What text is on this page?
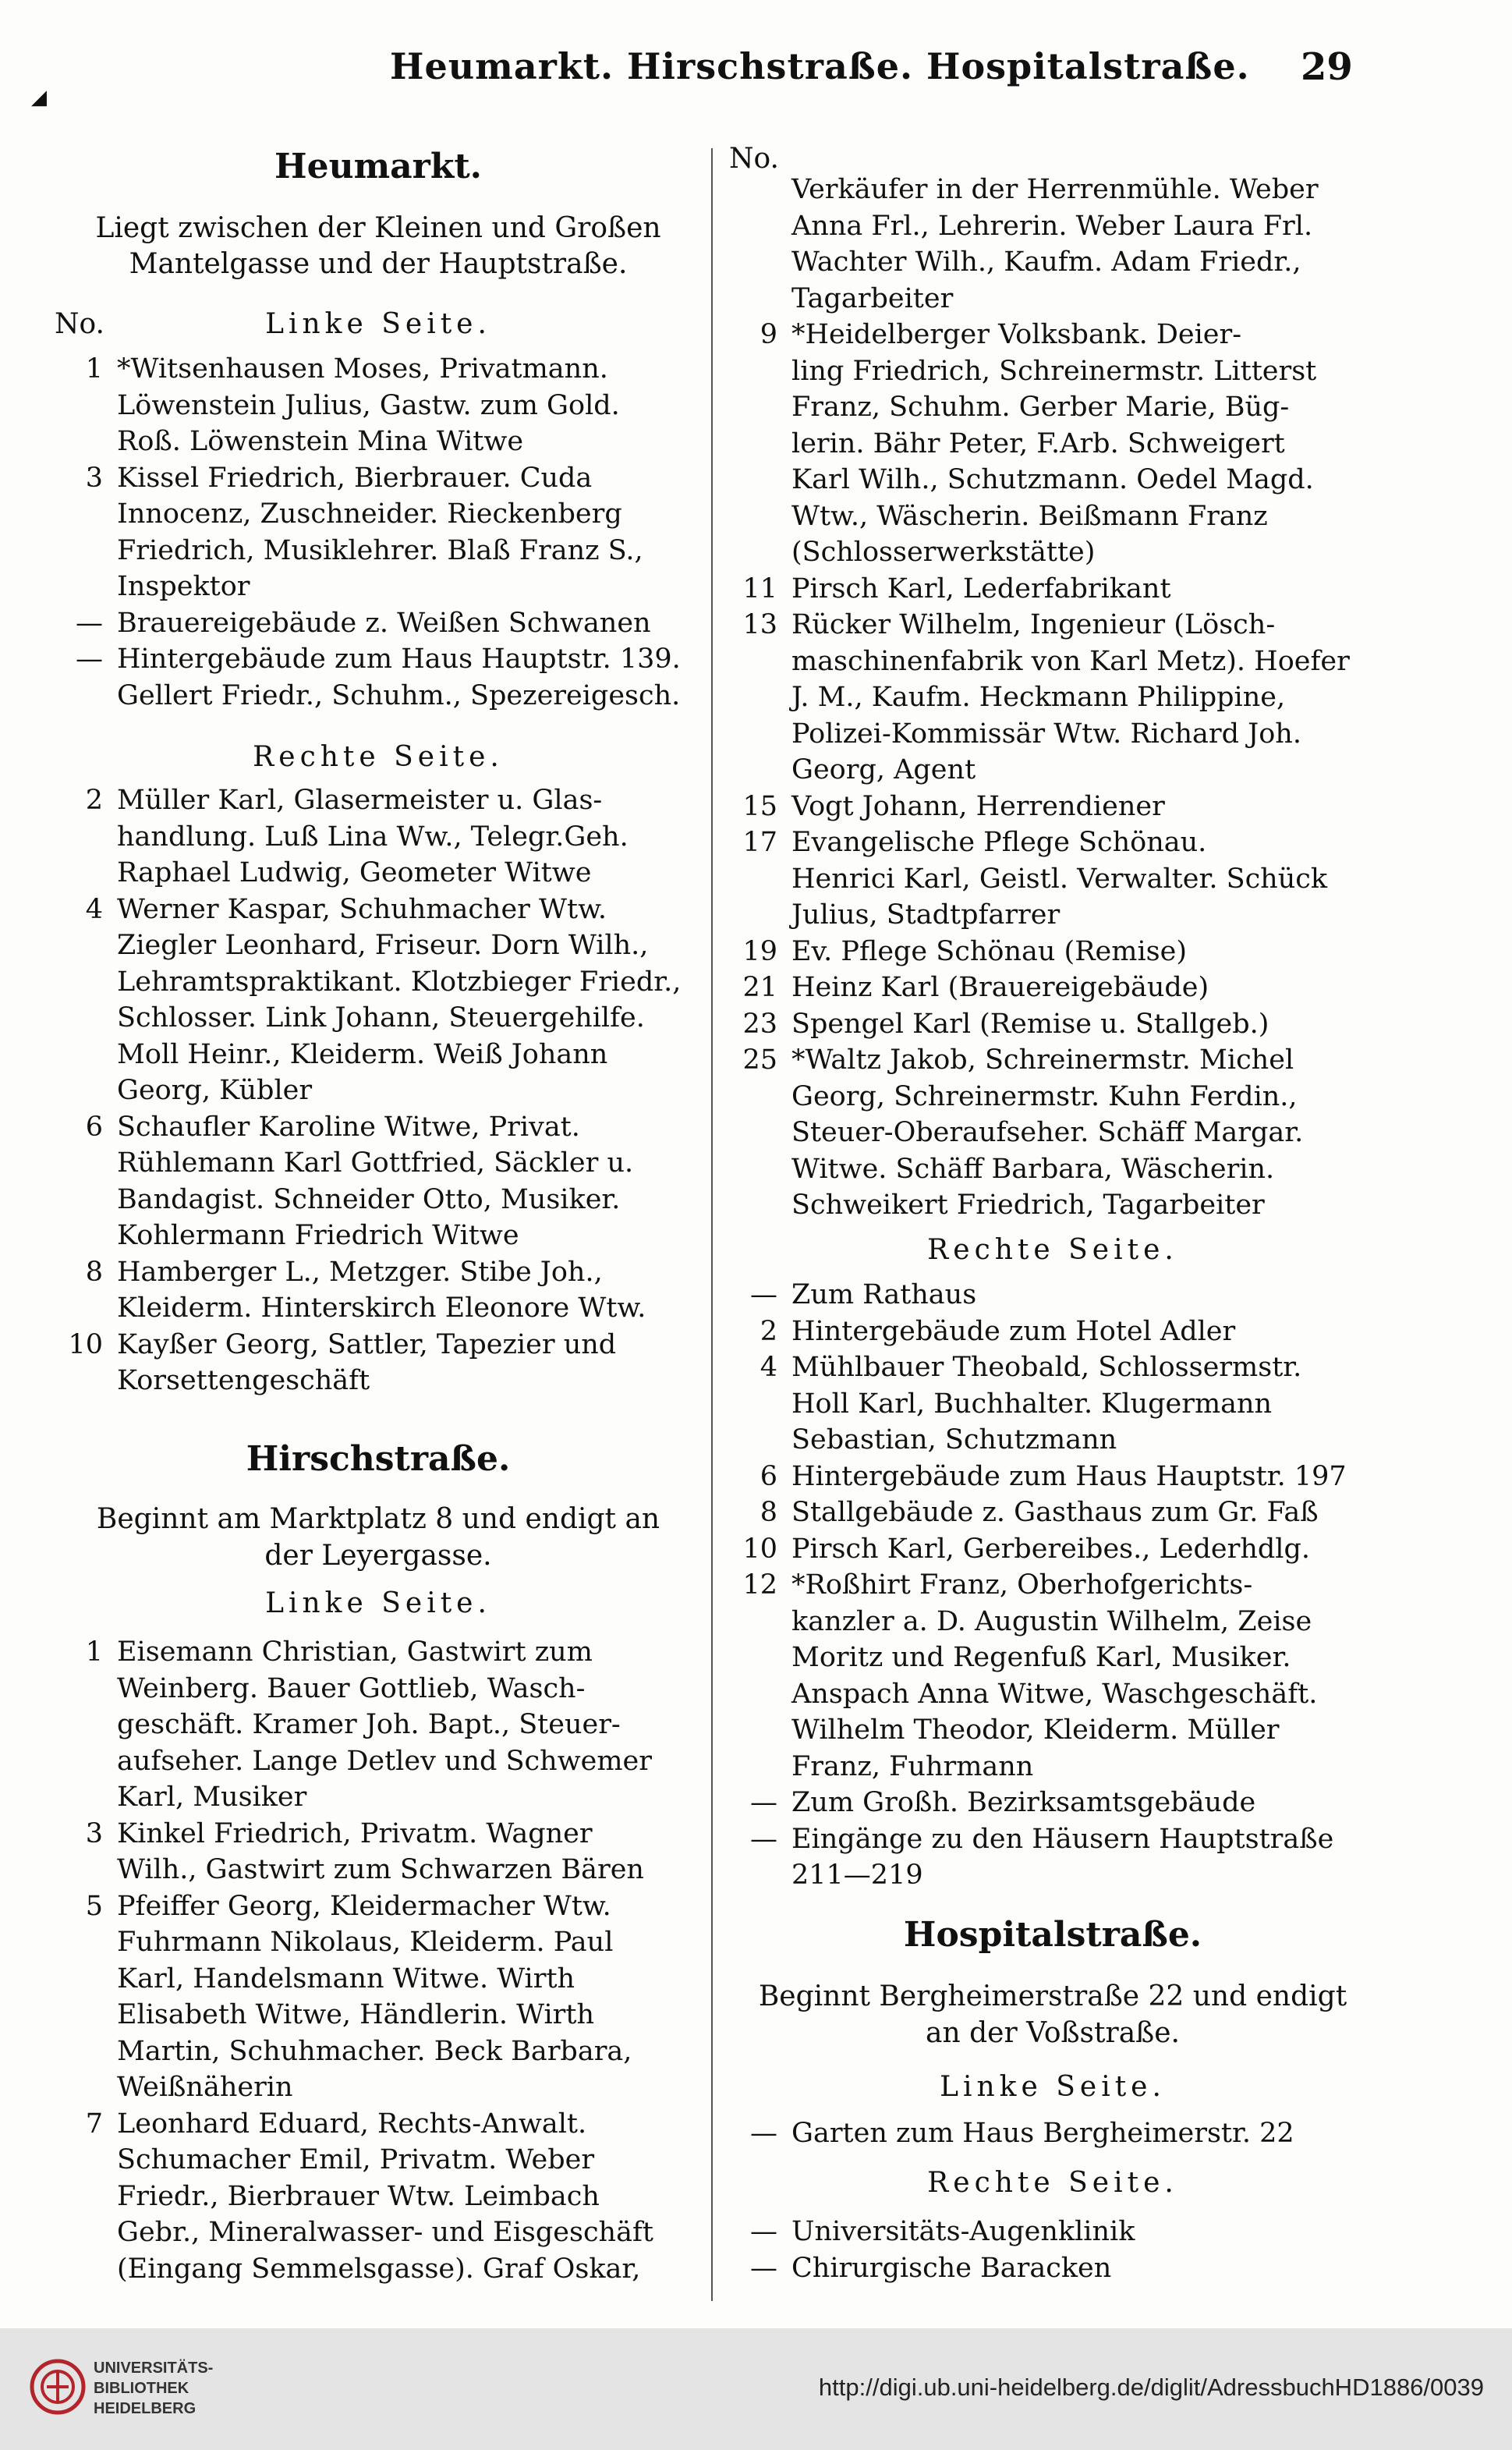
◢
Heumarkt. Hirschstraße. Hospitalstraße. 29
Heumarkt.

Liegt zwischen der Kleinen und Großen Mantelgasse und der Hauptstraße.

No.	Linke Seite.
1 *Witsenhausen Moses, Privatmann.
Löwenstein Julius, Gastw. zum Gold.
Roß. Löwenstein Mina Witwe
3 Kissel Friedrich, Bierbrauer. Cuda
Innocenz, Zuschneider. Rieckenberg
Friedrich, Musiklehrer. Blaß Franz S.,
Inspektor
— Brauereigebäude z. Weißen Schwanen
— Hintergebäude zum Haus Hauptstr. 139.
Gellert Friedr., Schuhm., Spezereigesch.
Rechte Seite.
2 Müller Karl, Glasermeister u. Glas-
handlung. Luß Lina Ww., Telegr.Geh.
Raphael Ludwig, Geometer Witwe
4 Werner Kaspar, Schuhmacher Wtw.
Ziegler Leonhard, Friseur. Dorn Wilh.,
Lehramtspraktikant. Klotzbieger Friedr.,
Schlosser. Link Johann, Steuergehilfe.
Moll Heinr., Kleiderm. Weiß Johann
Georg, Kübler
6 Schaufler Karoline Witwe, Privat.
Rühlemann Karl Gottfried, Säckler u.
Bandagist. Schneider Otto, Musiker.
Kohlermann Friedrich Witwe
8 Hamberger L., Metzger. Stibe Joh.,
Kleiderm. Hinterskirch Eleonore Wtw.
10 Kayßer Georg, Sattler, Tapezier und
Korsettengeschäft
Hirschstraße.
Beginnt am Marktplatz 8 und endigt an
der Leyergasse.
Linke Seite.
1 Eisemann Christian, Gastwirt zum
Weinberg. Bauer Gottlieb, Wasch-
geschäft. Kramer Joh. Bapt., Steuer-
aufseher. Lange Detlev und Schwemer
Karl, Musiker
3 Kinkel Friedrich, Privatm. Wagner
Wilh., Gastwirt zum Schwarzen Bären
5 Pfeiffer Georg, Kleidermacher Wtw.
Fuhrmann Nikolaus, Kleiderm. Paul
Karl, Handelsmann Witwe. Wirth
Elisabeth Witwe, Händlerin. Wirth
Martin, Schuhmacher. Beck Barbara,
Weißnäherin
7 Leonhard Eduard, Rechts-Anwalt.
Schumacher Emil, Privatm. Weber
Friedr., Bierbrauer Wtw. Leimbach
Gebr., Mineralwasser- und Eisgeschäft
(Eingang Semmelsgasse). Graf Oskar,
No.
Verkäufer in der Herrenmühle. Weber
Anna Frl., Lehrerin. Weber Laura Frl.
Wachter Wilh., Kaufm. Adam Friedr.,
Tagarbeiter
9 *Heidelberger Volksbank. Deier-
ling Friedrich, Schreinermstr. Litterst
Franz, Schuhm. Gerber Marie, Büg-
lerin. Bähr Peter, F.Arb. Schweigert
Karl Wilh., Schutzmann. Oedel Magd.
Wtw., Wäscherin. Beißmann Franz
(Schlosserwerkstätte)
11 Pirsch Karl, Lederfabrikant
13 Rücker Wilhelm, Ingenieur (Lösch-
maschinenfabrik von Karl Metz). Hoefer
J. M., Kaufm. Heckmann Philippine,
Polizei-Kommissär Wtw. Richard Joh.
Georg, Agent
15 Vogt Johann, Herrendiener
17 Evangelische Pflege Schönau.
Henrici Karl, Geistl. Verwalter. Schück
Julius, Stadtpfarrer
19 Ev. Pflege Schönau (Remise)
21 Heinz Karl (Brauereigebäude)
23 Spengel Karl (Remise u. Stallgeb.)
25 *Waltz Jakob, Schreinermstr. Michel
Georg, Schreinermstr. Kuhn Ferdin.,
Steuer-Oberaufseher. Schäff Margar.
Witwe. Schäff Barbara, Wäscherin.
Schweikert Friedrich, Tagarbeiter
Rechte Seite.
— Zum Rathaus
2 Hintergebäude zum Hotel Adler
4 Mühlbauer Theobald, Schlossermstr.
Holl Karl, Buchhalter. Klugermann
Sebastian, Schutzmann
6 Hintergebäude zum Haus Hauptstr. 197
8 Stallgebäude z. Gasthaus zum Gr. Faß
10 Pirsch Karl, Gerbereibes., Lederhdlg.
12 *Roßhirt Franz, Oberhofgerichts-
kanzler a. D. Augustin Wilhelm, Zeise
Moritz und Regenfuß Karl, Musiker.
Anspach Anna Witwe, Waschgeschäft.
Wilhelm Theodor, Kleiderm. Müller
Franz, Fuhrmann
— Zum Großh. Bezirksamtsgebäude
— Eingänge zu den Häusern Hauptstraße
211—219
Hospitalstraße.
Beginnt Bergheimerstraße 22 und endigt
an der Voßstraße.
Linke Seite.
— Garten zum Haus Bergheimerstr. 22
Rechte Seite.
— Universitäts-Augenklinik
— Chirurgische Baracken
UNIVERSITÄTS-
BIBLIOTHEK
HEIDELBERG
http://digi.ub.uni-heidelberg.de/diglit/AdressbuchHD1886/0039
